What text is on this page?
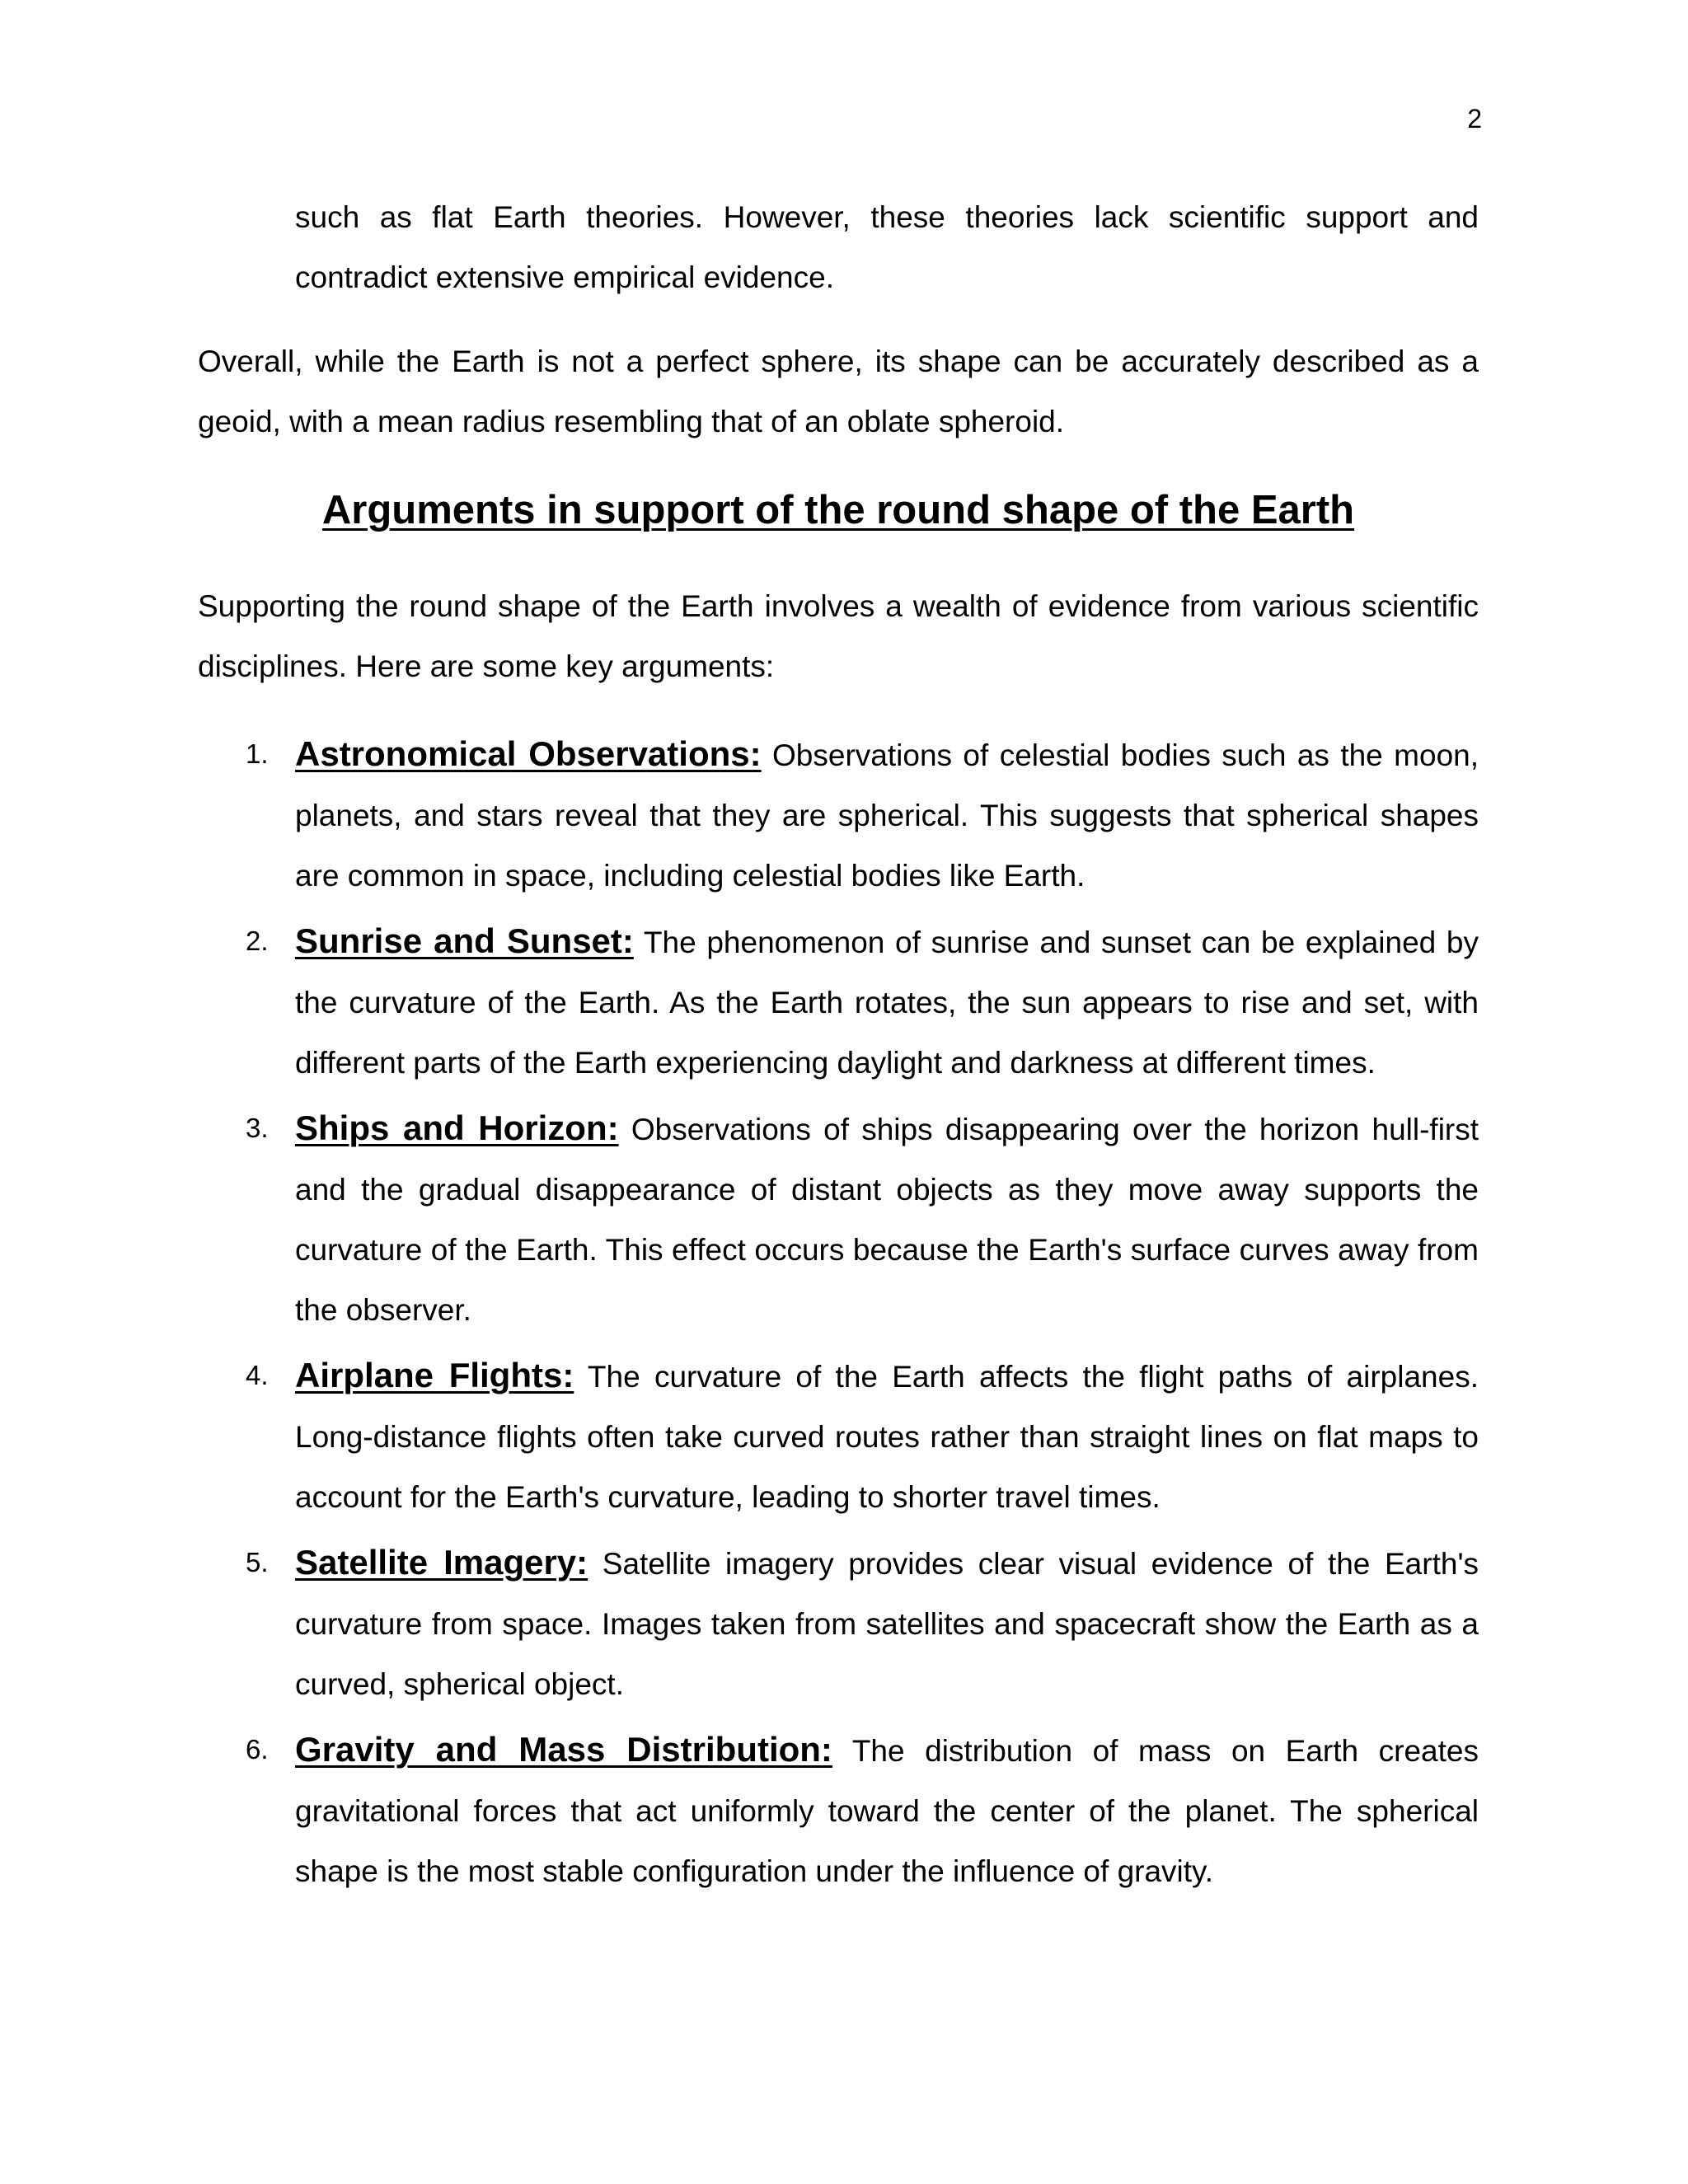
2

such as flat Earth theories. However, these theories lack scientific support and contradict extensive empirical evidence.

Overall, while the Earth is not a perfect sphere, its shape can be accurately described as a geoid, with a mean radius resembling that of an oblate spheroid.

Arguments in support of the round shape of the Earth

Supporting the round shape of the Earth involves a wealth of evidence from various scientific disciplines. Here are some key arguments:

1. Astronomical Observations: Observations of celestial bodies such as the moon, planets, and stars reveal that they are spherical. This suggests that spherical shapes are common in space, including celestial bodies like Earth.
2. Sunrise and Sunset: The phenomenon of sunrise and sunset can be explained by the curvature of the Earth. As the Earth rotates, the sun appears to rise and set, with different parts of the Earth experiencing daylight and darkness at different times.
3. Ships and Horizon: Observations of ships disappearing over the horizon hull-first and the gradual disappearance of distant objects as they move away supports the curvature of the Earth. This effect occurs because the Earth's surface curves away from the observer.
4. Airplane Flights: The curvature of the Earth affects the flight paths of airplanes. Long-distance flights often take curved routes rather than straight lines on flat maps to account for the Earth's curvature, leading to shorter travel times.
5. Satellite Imagery: Satellite imagery provides clear visual evidence of the Earth's curvature from space. Images taken from satellites and spacecraft show the Earth as a curved, spherical object.
6. Gravity and Mass Distribution: The distribution of mass on Earth creates gravitational forces that act uniformly toward the center of the planet. The spherical shape is the most stable configuration under the influence of gravity.
